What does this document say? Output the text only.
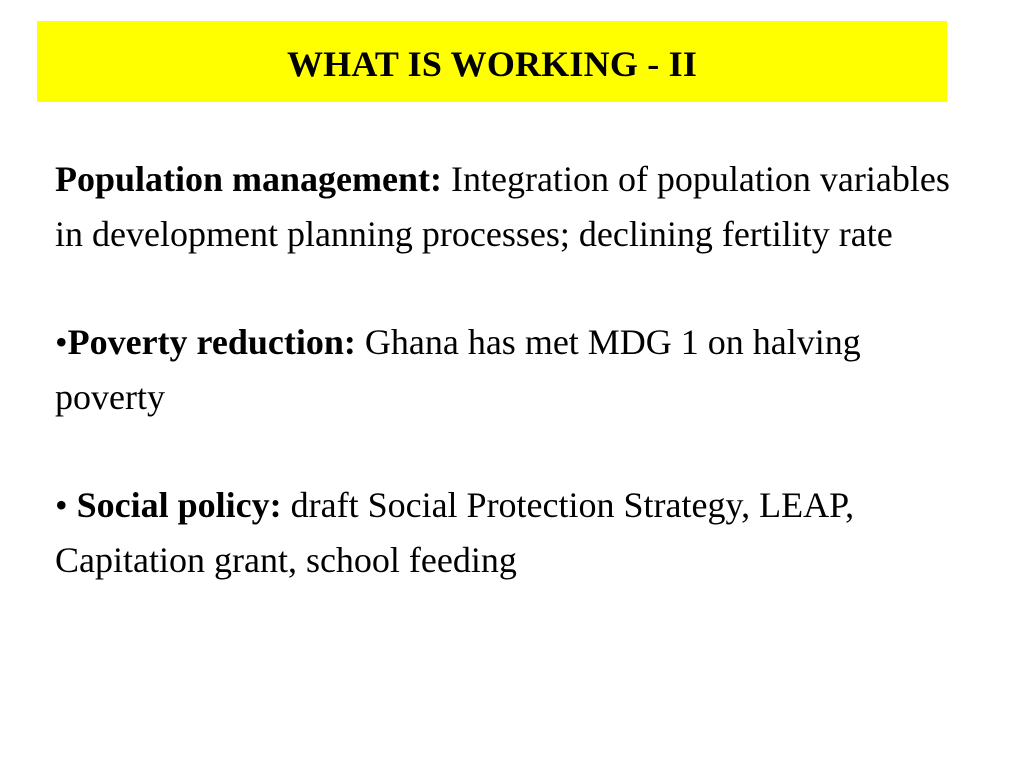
WHAT IS WORKING - II

Population management: Integration of population variables in development planning processes; declining fertility rate

•Poverty reduction: Ghana has met MDG 1 on halving poverty

• Social policy: draft Social Protection Strategy, LEAP, Capitation grant, school feeding
